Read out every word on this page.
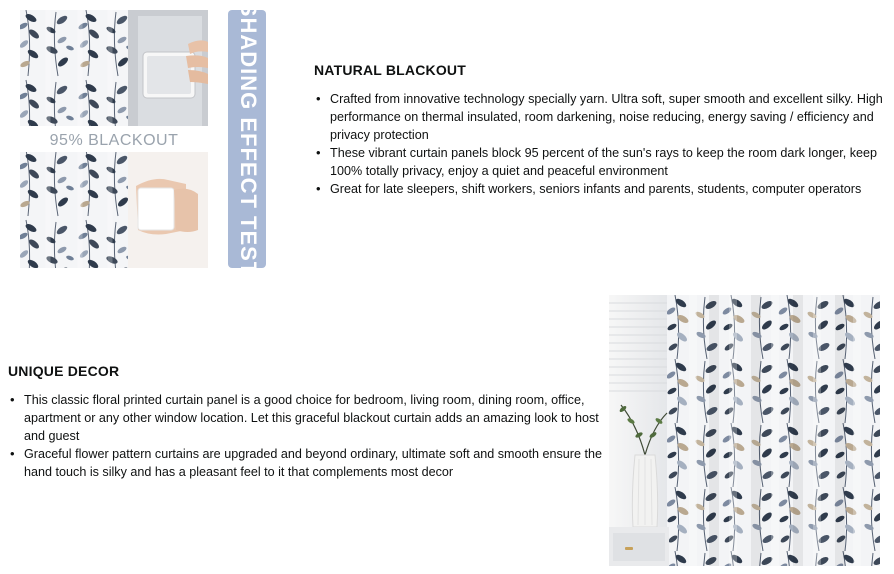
95% BLACKOUT	SHADING EFFECT TEST	NATURAL BLACKOUT
• Crafted from innovative technology specially yarn. Ultra soft, super smooth and excellent silky. High performance on thermal insulated, room darkening, noise reducing, energy saving / efficiency and privacy protection
• These vibrant curtain panels block 95 percent of the sun's rays to keep the room dark longer, keep 100% totally privacy, enjoy a quiet and peaceful environment
• Great for late sleepers, shift workers, seniors infants and parents, students, computer operators
UNIQUE DECOR
• This classic floral printed curtain panel is a good choice for bedroom, living room, dining room, office, apartment or any other window location. Let this graceful blackout curtain adds an amazing look to host and guest
• Graceful flower pattern curtains are upgraded and beyond ordinary, ultimate soft and smooth ensure the hand touch is silky and has a pleasant feel to it that complements most decor
